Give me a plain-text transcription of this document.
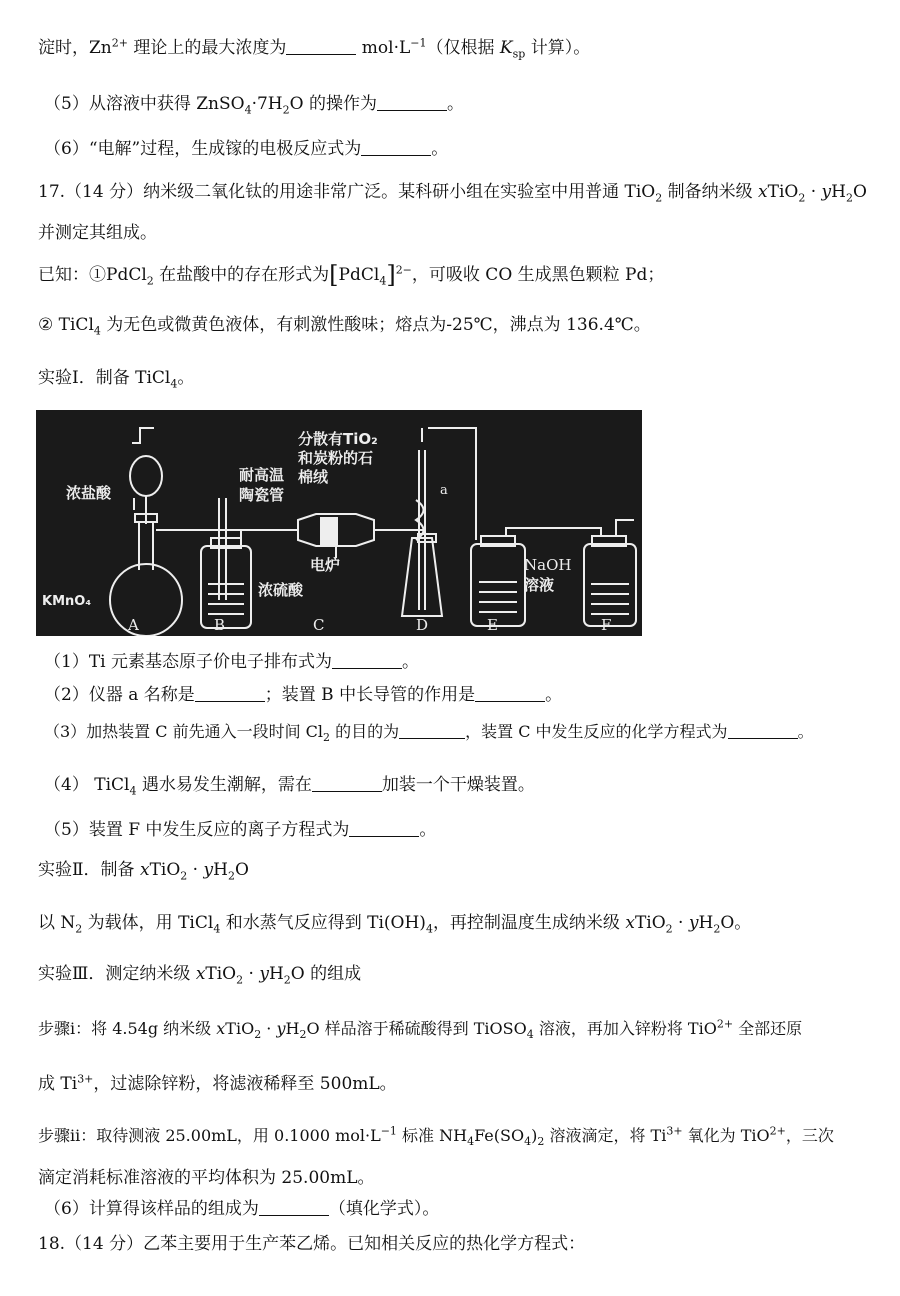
淀时，$Zn^{2+}$ 理论上的最大浓度为	$mol\cdot L^{-1}$（仅根据 $K_{sp}$ 计算）。
（5）从溶液中获得 $ZnSO_4\cdot 7H_2O$ 的操作为	。
（6）“电解”过程，生成镓的电极反应式为	。
17.（14 分）纳米级二氧化钛的用途非常广泛。某科研小组在实验室中用普通 TiO$_2$ 制备纳米级 xTiO$_2$ · $yH_2O$
并测定其组成。
已知：①PdCl$_2$ 在盐酸中的存在形式为[PdCl$_4$]$^{2-}$，可吸收 CO 生成黑色颗粒 Pd；
② TiCl$_4$ 为无色或微黄色液体，有刺激性酸味；熔点为-25℃，沸点为 136.4℃。
实验Ⅰ．制备 TiCl$_4$。
浓盐酸
KMnO₄
耐高温
陶瓷管
分散有TiO₂
和炭粉的石
棉绒
浓硫酸
电炉
a
NaOH
溶液
A	B	C	D	E	F
（1）Ti 元素基态原子价电子排布式为	。
（2）仪器 a 名称是	；装置 B 中长导管的作用是	。
（3）加热装置 C 前先通入一段时间 $Cl_2$ 的目的为	，装置 C 中发生反应的化学方程式为	。
（4） TiCl$_4$ 遇水易发生潮解，需在	加装一个干燥装置。
（5）装置 F 中发生反应的离子方程式为	。
实验Ⅱ．制备 xTiO$_2$ · $yH_2O$
以 $N_2$ 为载体，用 TiCl$_4$ 和水蒸气反应得到 $Ti(OH)_4$，再控制温度生成纳米级 xTiO$_2$ · $yH_2O$。
实验Ⅲ．测定纳米级 xTiO$_2$ · $yH_2O$ 的组成
步骤ⅰ：将 4.54g 纳米级 xTiO$_2$ · $yH_2O$ 样品溶于稀硫酸得到 TiOSO$_4$ 溶液，再加入锌粉将 TiO$^{2+}$ 全部还原
成 $Ti^{3+}$，过滤除锌粉，将滤液稀释至 500mL。
步骤ⅱ：取待测液 25.00mL，用 0.1000 $mol\cdot L^{-1}$ 标准 $NH_4Fe(SO_4)_2$ 溶液滴定，将 $Ti^{3+}$ 氧化为 TiO$^{2+}$，三次
滴定消耗标准溶液的平均体积为 25.00mL。
（6）计算得该样品的组成为	（填化学式）。
18.（14 分）乙苯主要用于生产苯乙烯。已知相关反应的热化学方程式：
